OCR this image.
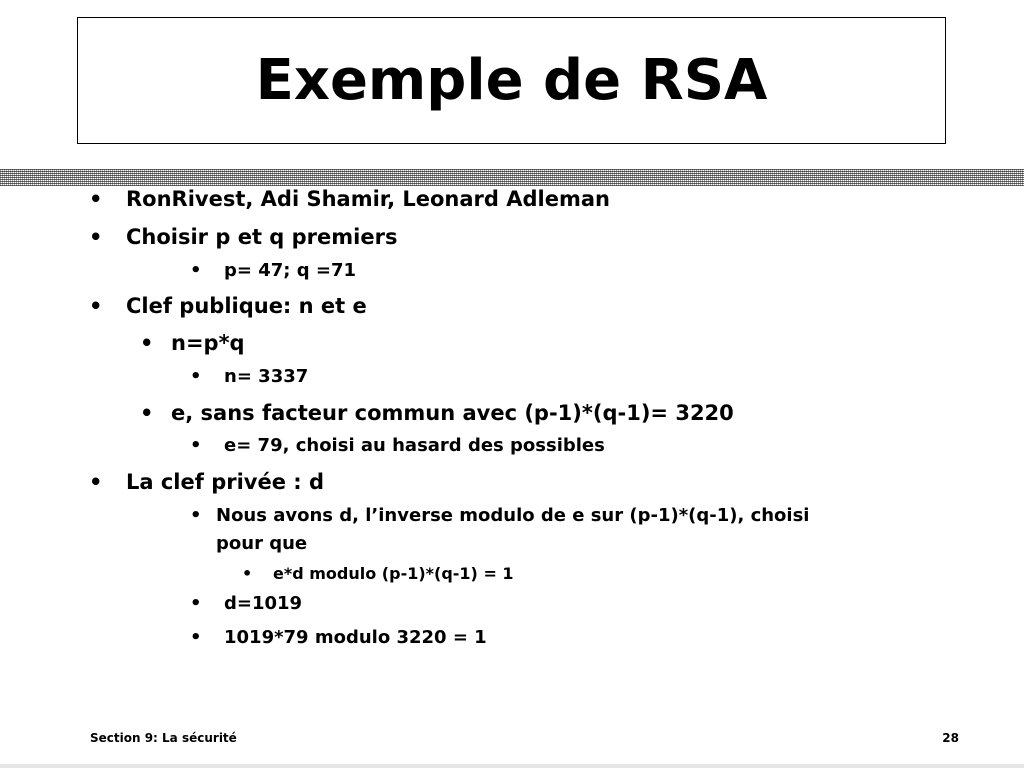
Exemple de RSA
• RonRivest, Adi Shamir, Leonard Adleman
• Choisir p et q premiers
• p= 47; q =71
• Clef publique: n et e
• n=p*q
• n= 3337
• e, sans facteur commun avec (p-1)*(q-1)= 3220
• e= 79, choisi au hasard des possibles
• La clef privée : d
• Nous avons d, l’inverse modulo de e sur (p-1)*(q-1), choisi
pour que
• e*d modulo (p-1)*(q-1) = 1
• d=1019
• 1019*79 modulo 3220 = 1
Section 9: La sécurité	28
